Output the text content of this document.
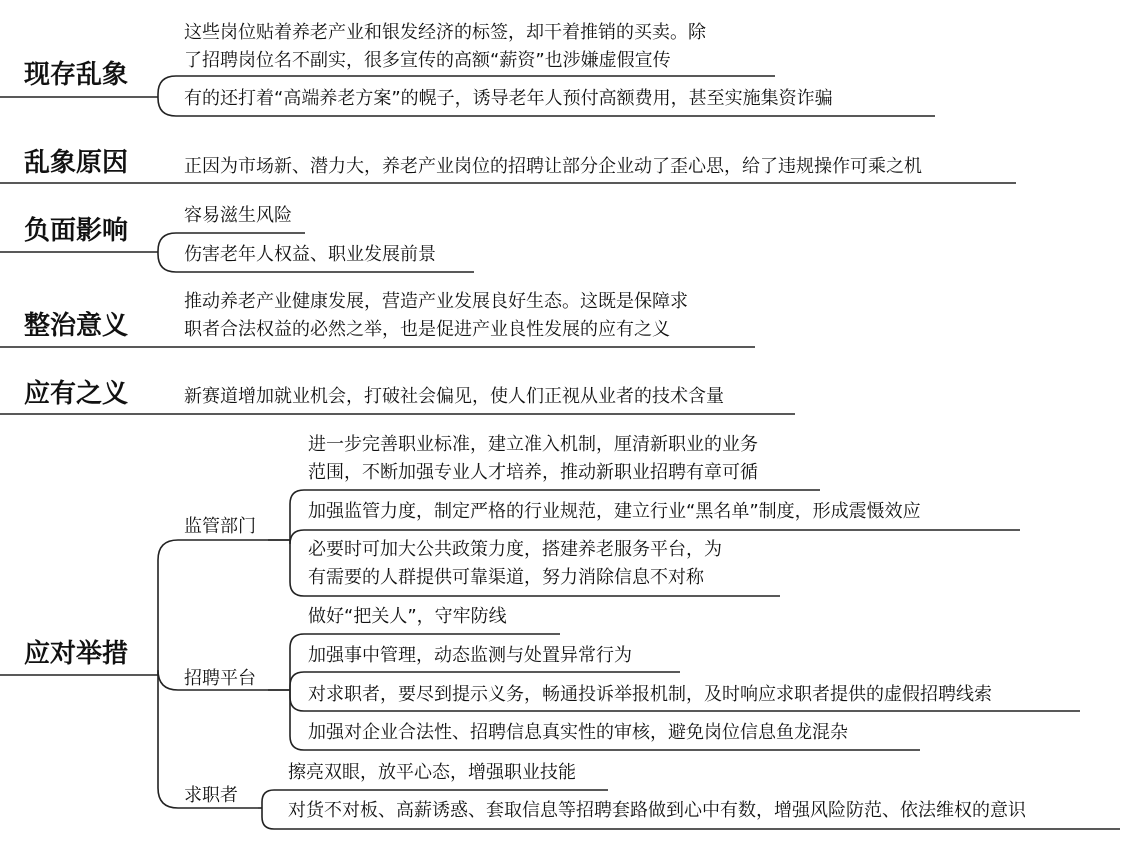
现存乱象
这些岗位贴着养老产业和银发经济的标签，却干着推销的买卖。除
了招聘岗位名不副实，很多宣传的高额“薪资”也涉嫌虚假宣传
有的还打着“高端养老方案”的幌子，诱导老年人预付高额费用，甚至实施集资诈骗
乱象原因	正因为市场新、潜力大，养老产业岗位的招聘让部分企业动了歪心思，给了违规操作可乘之机
负面影响
容易滋生风险
伤害老年人权益、职业发展前景
整治意义
推动养老产业健康发展，营造产业发展良好生态。这既是保障求
职者合法权益的必然之举，也是促进产业良性发展的应有之义
应有之义	新赛道增加就业机会，打破社会偏见，使人们正视从业者的技术含量
应对举措
监管部门
进一步完善职业标准，建立准入机制，厘清新职业的业务
范围，不断加强专业人才培养，推动新职业招聘有章可循
加强监管力度，制定严格的行业规范，建立行业“黑名单”制度，形成震慑效应
必要时可加大公共政策力度，搭建养老服务平台，为
有需要的人群提供可靠渠道，努力消除信息不对称
招聘平台
做好“把关人”，守牢防线
加强事中管理，动态监测与处置异常行为
对求职者，要尽到提示义务，畅通投诉举报机制，及时响应求职者提供的虚假招聘线索
加强对企业合法性、招聘信息真实性的审核，避免岗位信息鱼龙混杂
求职者
擦亮双眼，放平心态，增强职业技能
对货不对板、高薪诱惑、套取信息等招聘套路做到心中有数，增强风险防范、依法维权的意识
